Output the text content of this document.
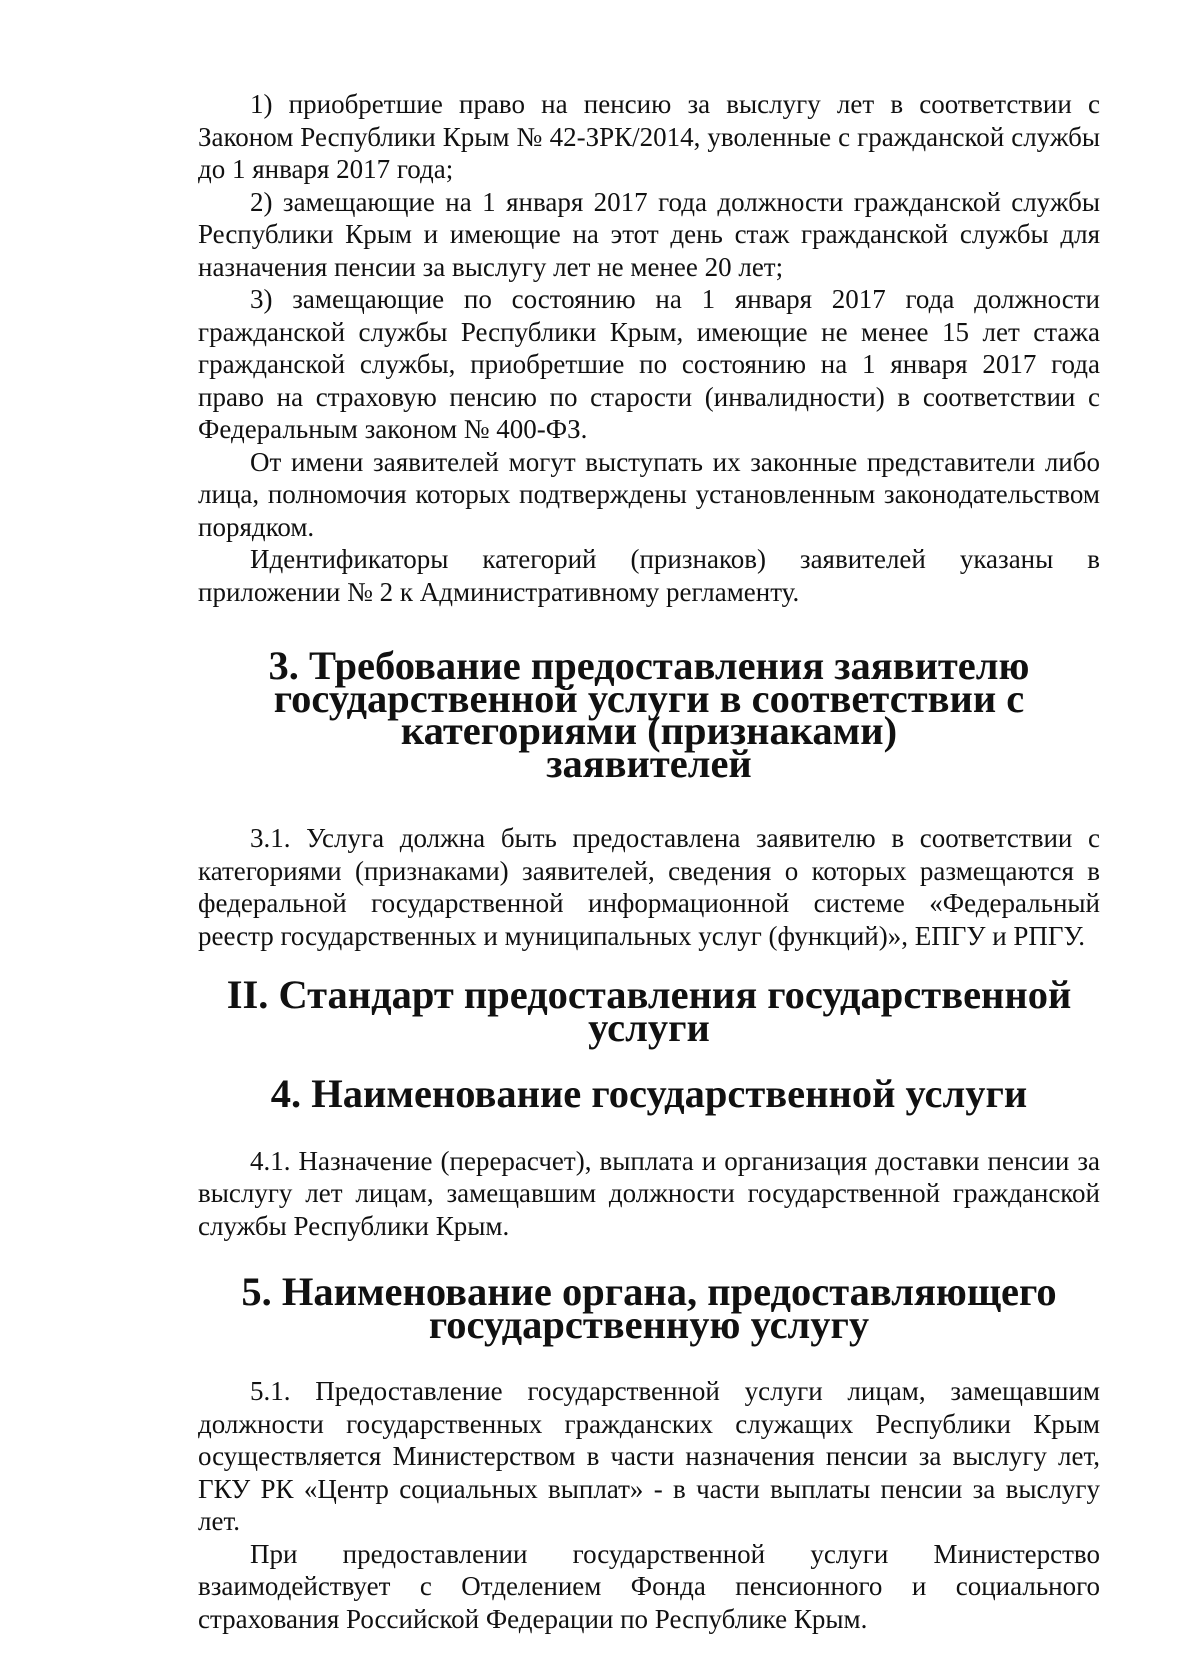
1) приобретшие право на пенсию за выслугу лет в соответствии с Законом Республики Крым № 42-ЗРК/2014, уволенные с гражданской службы до 1 января 2017 года;

2) замещающие на 1 января 2017 года должности гражданской службы Республики Крым и имеющие на этот день стаж гражданской службы для назначения пенсии за выслугу лет не менее 20 лет;

3) замещающие по состоянию на 1 января 2017 года должности гражданской службы Республики Крым, имеющие не менее 15 лет стажа гражданской службы, приобретшие по состоянию на 1 января 2017 года право на страховую пенсию по старости (инвалидности) в соответствии с Федеральным законом № 400-ФЗ.

От имени заявителей могут выступать их законные представители либо лица, полномочия которых подтверждены установленным законодательством порядком.

Идентификаторы категорий (признаков) заявителей указаны в приложении № 2 к Административному регламенту.

3. Требование предоставления заявителю
государственной услуги в соответствии с категориями (признаками)
заявителей

3.1. Услуга должна быть предоставлена заявителю в соответствии с категориями (признаками) заявителей, сведения о которых размещаются в федеральной государственной информационной системе «Федеральный реестр государственных и муниципальных услуг (функций)», ЕПГУ и РПГУ.

II. Стандарт предоставления государственной услуги
4. Наименование государственной услуги

4.1. Назначение (перерасчет), выплата и организация доставки пенсии за выслугу лет лицам, замещавшим должности государственной гражданской службы Республики Крым.

5. Наименование органа, предоставляющего
государственную услугу

5.1. Предоставление государственной услуги лицам, замещавшим должности государственных гражданских служащих Республики Крым осуществляется Министерством в части назначения пенсии за выслугу лет, ГКУ РК «Центр социальных выплат» - в части выплаты пенсии за выслугу лет.

При предоставлении государственной услуги Министерство взаимодействует с Отделением Фонда пенсионного и социального страхования Российской Федерации по Республике Крым.
